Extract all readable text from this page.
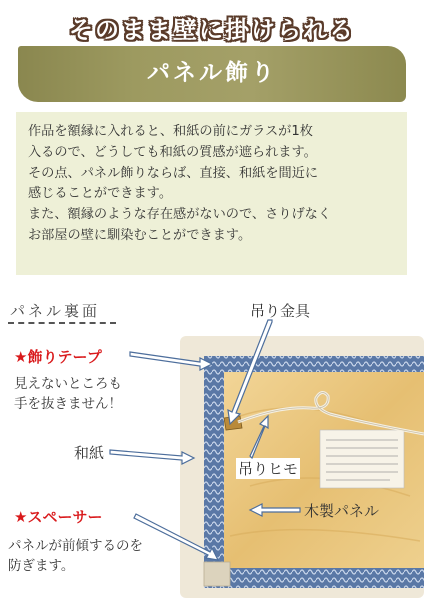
そのまま壁に掛けられる
パネル飾り

作品を額縁に入れると、和紙の前にガラスが1枚

入るので、どうしても和紙の質感が遮られます。

その点、パネル飾りならば、直接、和紙を間近に

感じることができます。

また、額縁のような存在感がないので、さりげなく

お部屋の壁に馴染むことができます。

パネル裏面	吊り金具
★飾りテープ
見えないところも
手を抜きません！
和紙
吊りヒモ
木製パネル
★スペーサー
パネルが前傾するのを
防ぎます。
